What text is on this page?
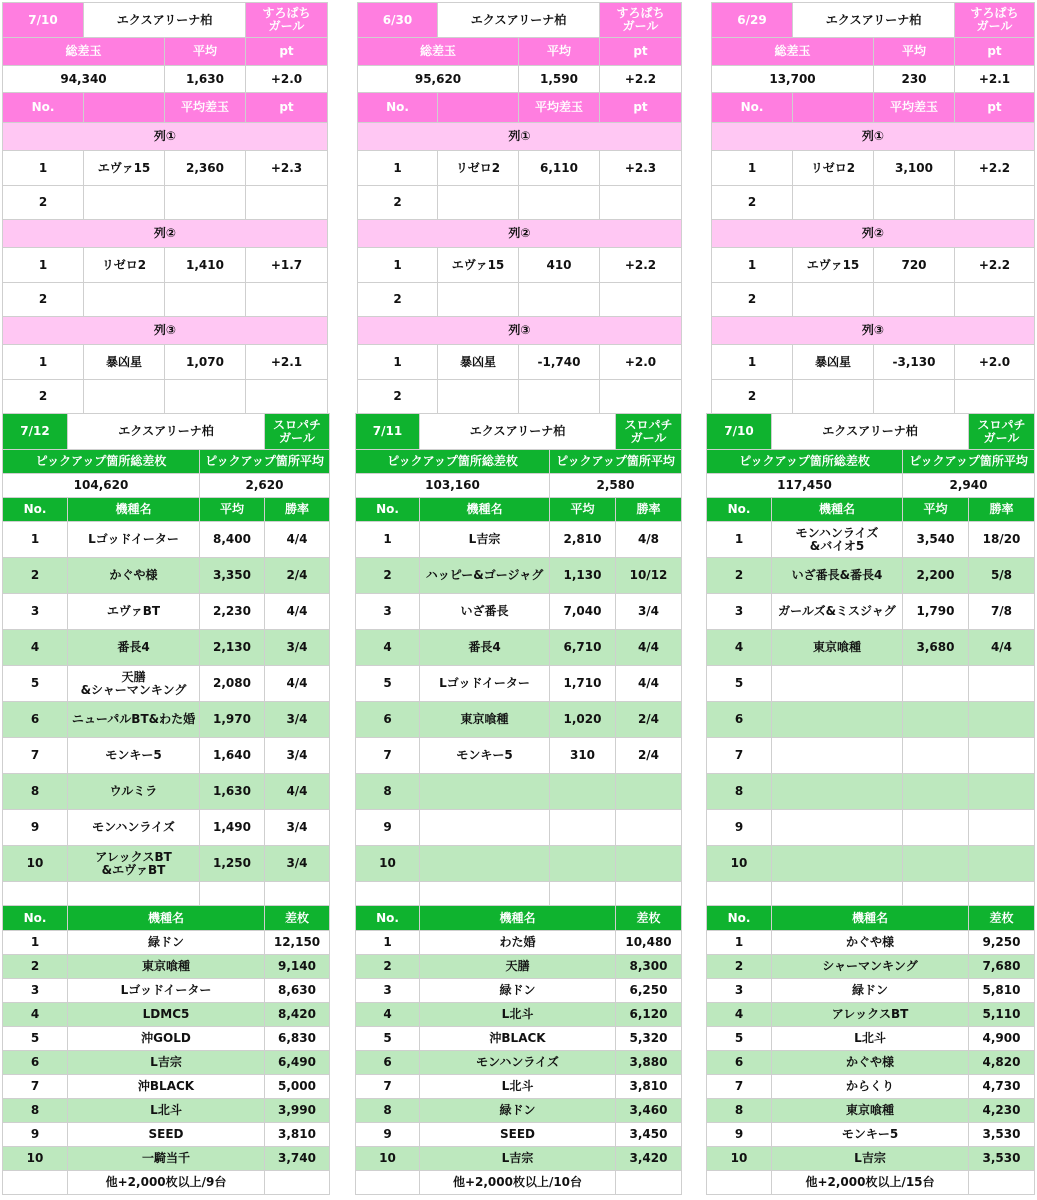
7/10	エクスアリーナ柏		すろぱち
ガール
総差玉		平均	pt
94,340		1,630	+2.0
No.		平均差玉	pt
列①			
1	エヴァ15	2,360	+2.3
2			
列②			
1	リゼロ2	1,410	+1.7
2			
列③			
1	暴凶星	1,070	+2.1
2			
6/30	エクスアリーナ柏		すろぱち
ガール
総差玉		平均	pt
95,620		1,590	+2.2
No.		平均差玉	pt
列①			
1	リゼロ2	6,110	+2.3
2			
列②			
1	エヴァ15	410	+2.2
2			
列③			
1	暴凶星	-1,740	+2.0
2			
6/29	エクスアリーナ柏		すろぱち
ガール
総差玉		平均	pt
13,700		230	+2.1
No.		平均差玉	pt
列①			
1	リゼロ2	3,100	+2.2
2			
列②			
1	エヴァ15	720	+2.2
2			
列③			
1	暴凶星	-3,130	+2.0
2			
7/12	エクスアリーナ柏		スロパチ
ガール
ピックアップ箇所総差枚		ピックアップ箇所平均	
104,620		2,620	
No.	機種名	平均	勝率
1	Lゴッドイーター	8,400	4/4
2	かぐや様	3,350	2/4
3	エヴァBT	2,230	4/4
4	番長4	2,130	3/4
5	天膳
&シャーマンキング	2,080	4/4
6	ニューパルBT&わた婚	1,970	3/4
7	モンキー5	1,640	3/4
8	ウルミラ	1,630	4/4
9	モンハンライズ	1,490	3/4
10	アレックスBT
&エヴァBT	1,250	3/4

No.	機種名	差枚
1	緑ドン	12,150
2	東京喰種	9,140
3	Lゴッドイーター	8,630
4	LDMC5	8,420
5	沖GOLD	6,830
6	L吉宗	6,490
7	沖BLACK	5,000
8	L北斗	3,990
9	SEED	3,810
10	一騎当千	3,740
	他+2,000枚以上/9台	
7/11	エクスアリーナ柏		スロパチ
ガール
ピックアップ箇所総差枚		ピックアップ箇所平均	
103,160		2,580	
No.	機種名	平均	勝率
1	L吉宗	2,810	4/8
2	ハッピー&ゴージャグ	1,130	10/12
3	いざ番長	7,040	3/4
4	番長4	6,710	4/4
5	Lゴッドイーター	1,710	4/4
6	東京喰種	1,020	2/4
7	モンキー5	310	2/4
8			
9			
10			

No.	機種名	差枚
1	わた婚	10,480
2	天膳	8,300
3	緑ドン	6,250
4	L北斗	6,120
5	沖BLACK	5,320
6	モンハンライズ	3,880
7	L北斗	3,810
8	緑ドン	3,460
9	SEED	3,450
10	L吉宗	3,420
	他+2,000枚以上/10台	
7/10	エクスアリーナ柏		スロパチ
ガール
ピックアップ箇所総差枚		ピックアップ箇所平均	
117,450		2,940	
No.	機種名	平均	勝率
1	モンハンライズ
&バイオ5	3,540	18/20
2	いざ番長&番長4	2,200	5/8
3	ガールズ&ミスジャグ	1,790	7/8
4	東京喰種	3,680	4/4
5			
6			
7			
8			
9			
10			

No.	機種名	差枚
1	かぐや様	9,250
2	シャーマンキング	7,680
3	緑ドン	5,810
4	アレックスBT	5,110
5	L北斗	4,900
6	かぐや様	4,820
7	からくり	4,730
8	東京喰種	4,230
9	モンキー5	3,530
10	L吉宗	3,530
	他+2,000枚以上/15台	
